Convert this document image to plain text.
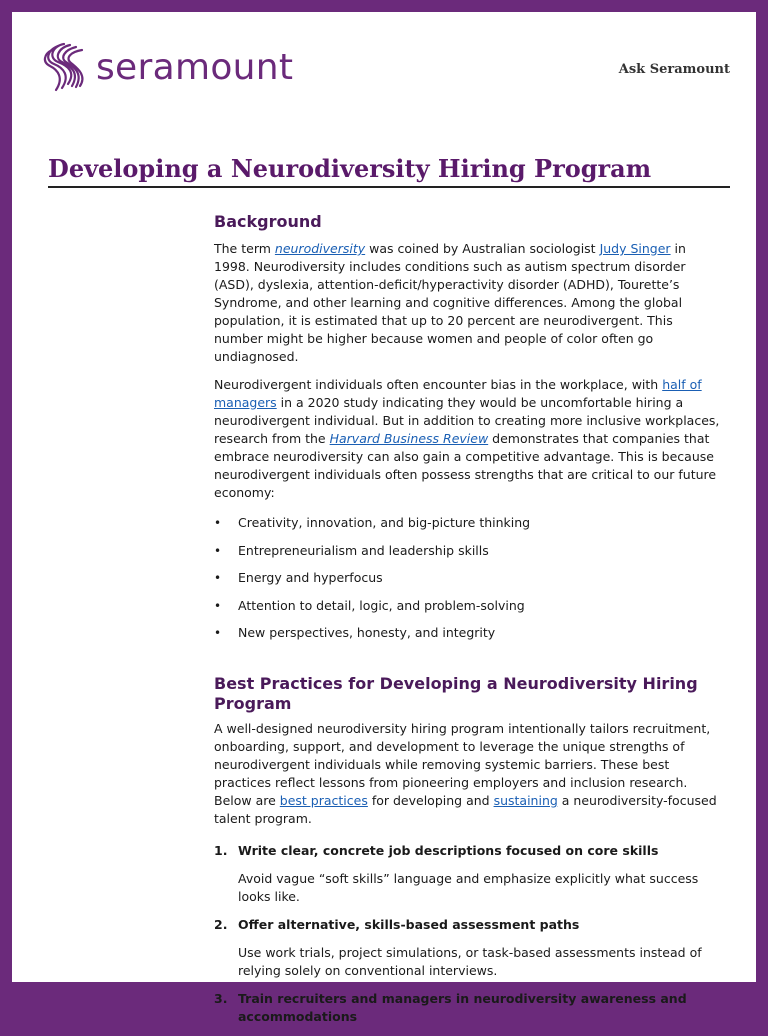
seramount	Ask Seramount
Developing a Neurodiversity Hiring Program
Background

The term neurodiversity was coined by Australian sociologist Judy Singer in 1998. Neurodiversity includes conditions such as autism spectrum disorder (ASD), dyslexia, attention-deficit/hyperactivity disorder (ADHD), Tourette’s Syndrome, and other learning and cognitive differences. Among the global population, it is estimated that up to 20 percent are neurodivergent. This number might be higher because women and people of color often go undiagnosed.

Neurodivergent individuals often encounter bias in the workplace, with half of managers in a 2020 study indicating they would be uncomfortable hiring a neurodivergent individual. But in addition to creating more inclusive workplaces, research from the Harvard Business Review demonstrates that companies that embrace neurodiversity can also gain a competitive advantage. This is because neurodivergent individuals often possess strengths that are critical to our future economy:

• Creativity, innovation, and big-picture thinking
• Entrepreneurialism and leadership skills
• Energy and hyperfocus
• Attention to detail, logic, and problem-solving
• New perspectives, honesty, and integrity
Best Practices for Developing a Neurodiversity Hiring Program

A well-designed neurodiversity hiring program intentionally tailors recruitment, onboarding, support, and development to leverage the unique strengths of neurodivergent individuals while removing systemic barriers. These best practices reflect lessons from pioneering employers and inclusion research. Below are best practices for developing and sustaining a neurodiversity-focused talent program.

1. Write clear, concrete job descriptions focused on core skills
Avoid vague “soft skills” language and emphasize explicitly what success looks like.
2. Offer alternative, skills-based assessment paths
Use work trials, project simulations, or task-based assessments instead of relying solely on conventional interviews.
3. Train recruiters and managers in neurodiversity awareness and accommodations
